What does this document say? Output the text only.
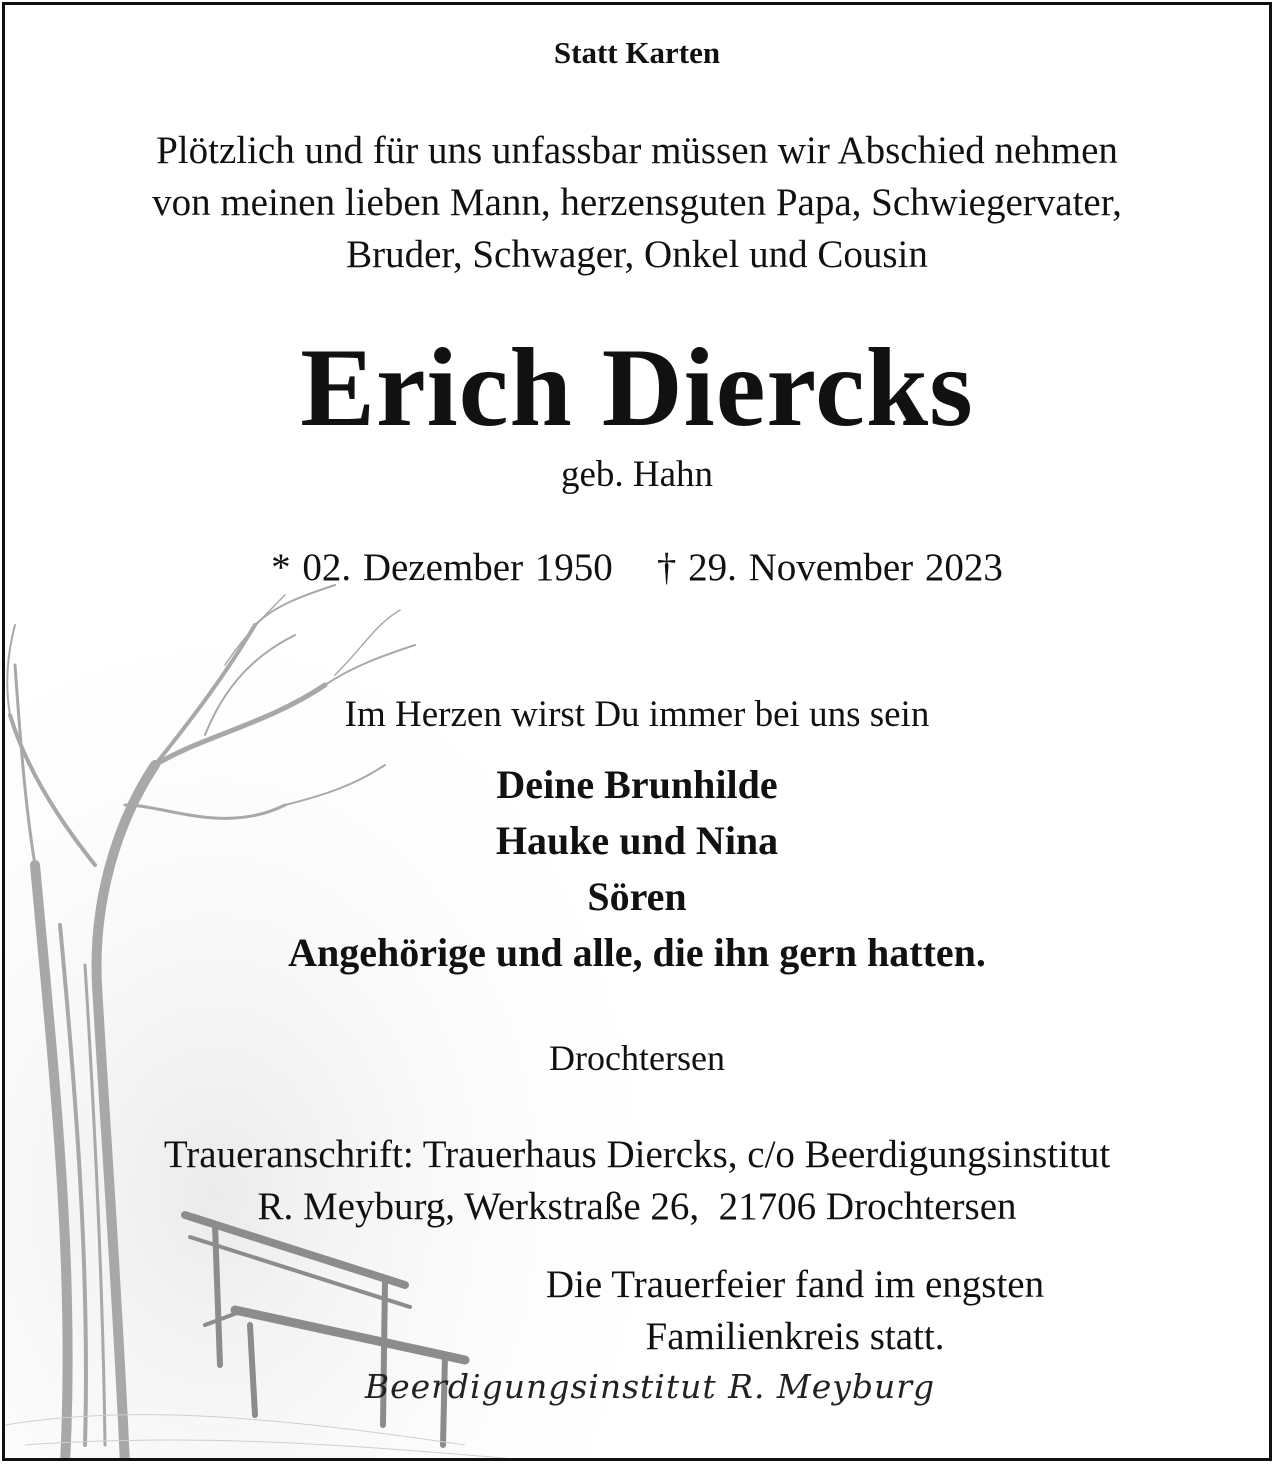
Statt Karten

Plötzlich und für uns unfassbar müssen wir Abschied nehmen
von meinen lieben Mann, herzensguten Papa, Schwiegervater,
Bruder, Schwager, Onkel und Cousin
Erich Diercks

geb. Hahn

* 02. Dezember 1950 † 29. November 2023

Im Herzen wirst Du immer bei uns sein

Deine Brunhilde
Hauke und Nina
Sören
Angehörige und alle, die ihn gern hatten.

Drochtersen

Traueranschrift: Trauerhaus Diercks, c/o Beerdigungsinstitut
R. Meyburg, Werkstraße 26,  21706 Drochtersen
Die Trauerfeier fand im engsten
Familienkreis statt.
Beerdigungsinstitut R. Meyburg
